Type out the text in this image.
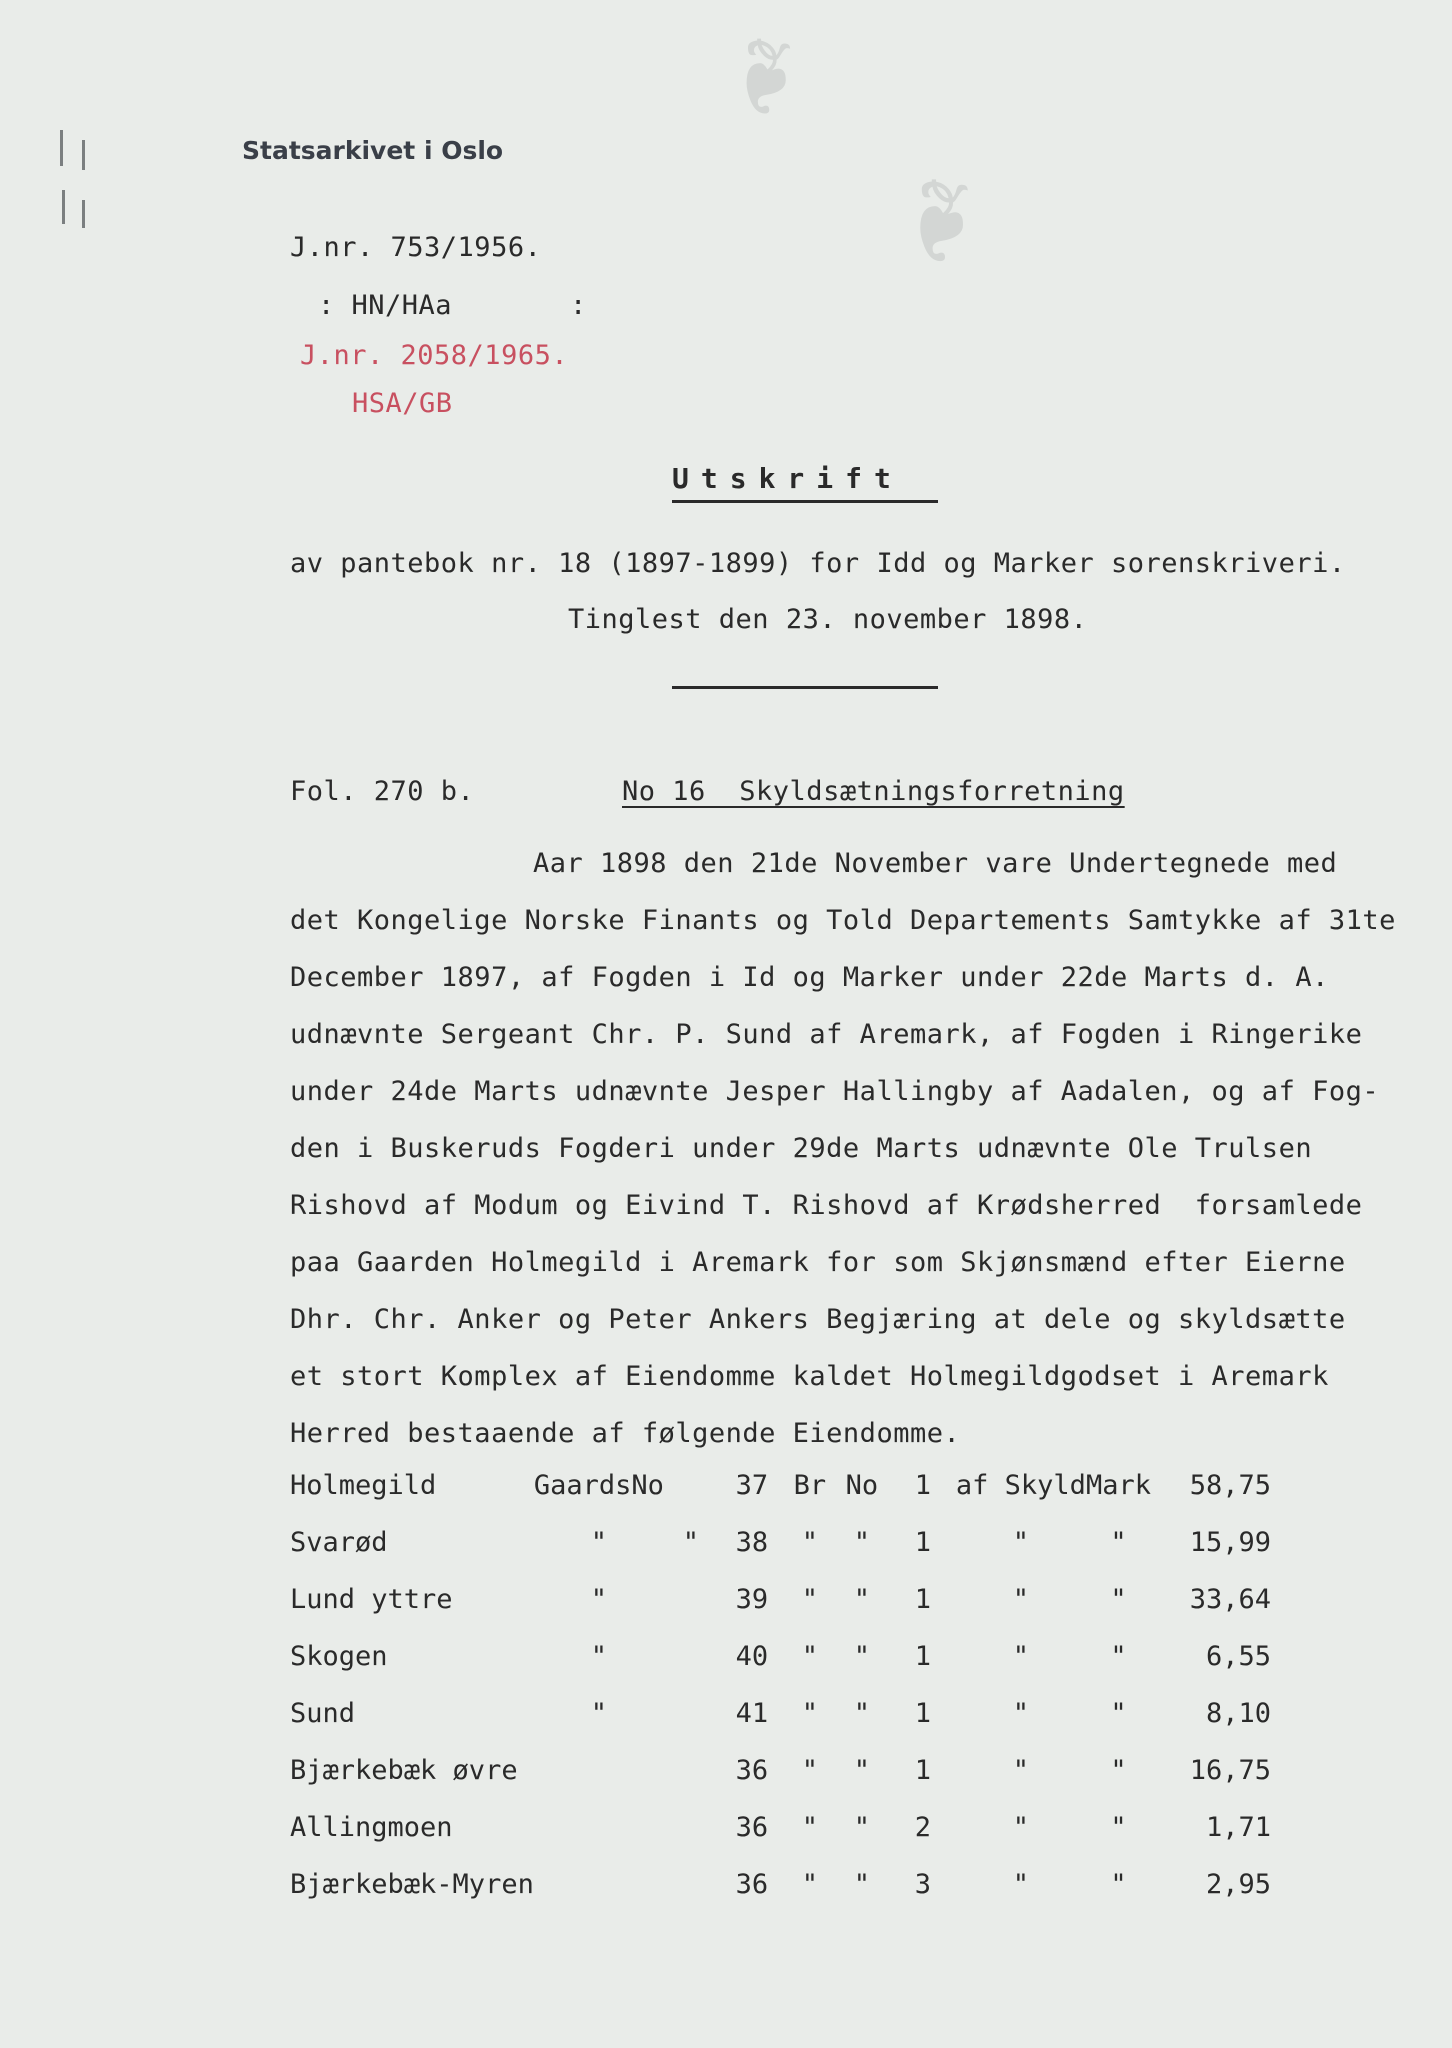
❧
❧
Statsarkivet i Oslo
J.nr. 753/1956.
: HN/HAa	:
J.nr. 2058/1965.
HSA/GB
Utskrift
av pantebok nr. 18 (1897-1899) for Idd og Marker sorenskriveri.
Tinglest den 23. november 1898.
Fol. 270 b.	No 16  Skyldsætningsforretning
Aar 1898 den 21de November vare Undertegnede med
det Kongelige Norske Finants og Told Departements Samtykke af 31te
December 1897, af Fogden i Id og Marker under 22de Marts d. A.
udnævnte Sergeant Chr. P. Sund af Aremark, af Fogden i Ringerike
under 24de Marts udnævnte Jesper Hallingby af Aadalen, og af Fog-
den i Buskeruds Fogderi under 29de Marts udnævnte Ole Trulsen
Rishovd af Modum og Eivind T. Rishovd af Krødsherred  forsamlede
paa Gaarden Holmegild i Aremark for som Skjønsmænd efter Eierne
Dhr. Chr. Anker og Peter Ankers Begjæring at dele og skyldsætte
et stort Komplex af Eiendomme kaldet Holmegildgodset i Aremark
Herred bestaaende af følgende Eiendomme.
Holmegild	GaardsNo		37	Br	No	1	af Skyld	Mark	58,75
Svarød	"	"	38	"	"	1	"	"	15,99
Lund yttre	"		39	"	"	1	"	"	33,64
Skogen	"		40	"	"	1	"	"	6,55
Sund	"		41	"	"	1	"	"	8,10
Bjærkebæk øvre			36	"	"	1	"	"	16,75
Allingmoen			36	"	"	2	"	"	1,71
Bjærkebæk-Myren			36	"	"	3	"	"	2,95
